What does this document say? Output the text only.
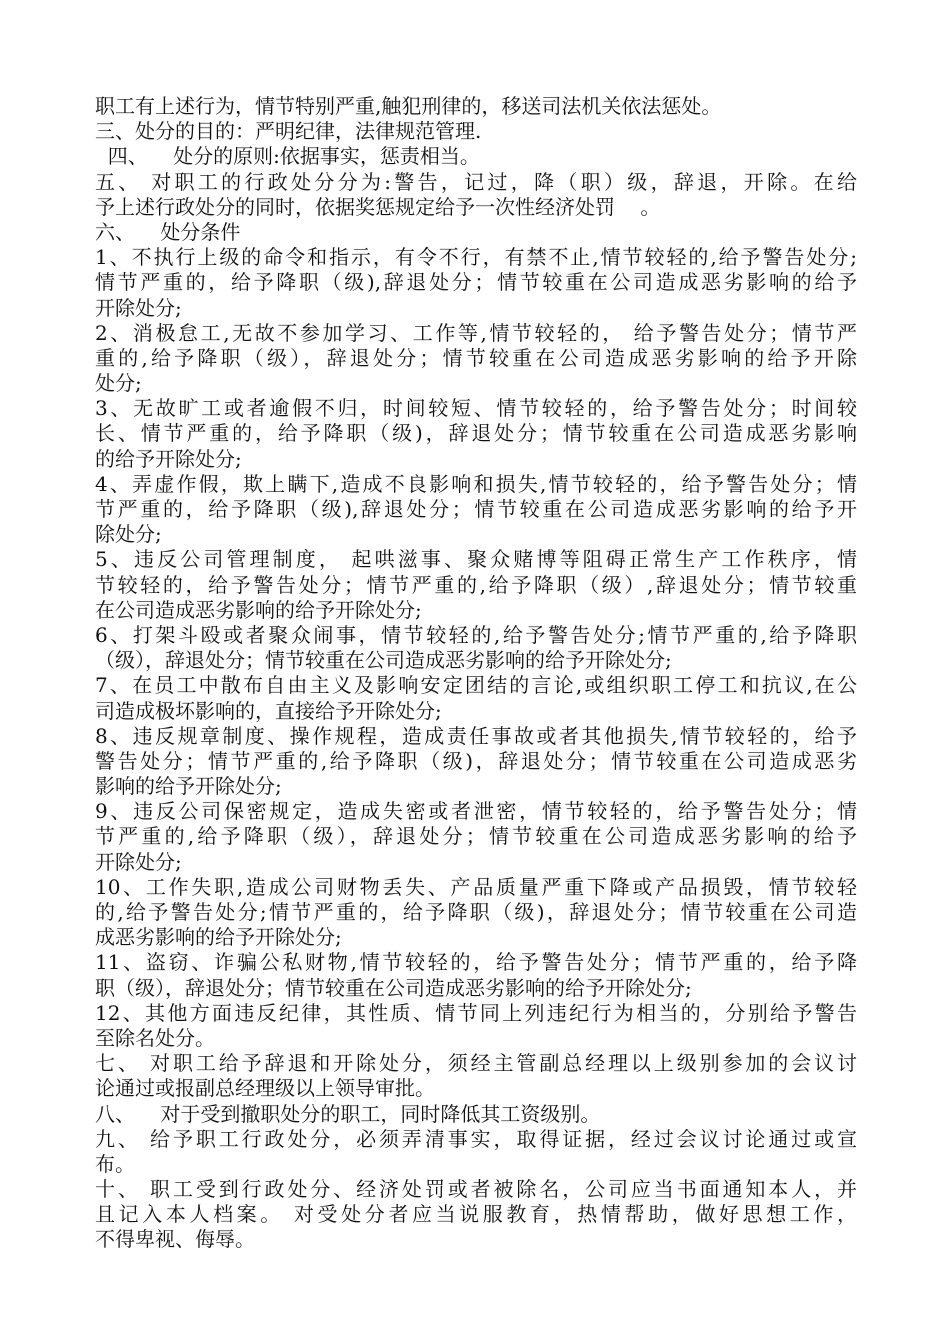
职工有上述行为，情节特别严重,触犯刑律的，移送司法机关依法惩处。
三、处分的目的：严明纪律，法律规范管理.
四、    处分的原则:依据事实，惩责相当。
五、 对职工的行政处分分为:警告，记过，降（职）级，辞退，开除。在给
予上述行政处分的同时，依据奖惩规定给予一次性经济处罚    。
六、    处分条件
1、不执行上级的命令和指示，有令不行，有禁不止,情节较轻的,给予警告处分;
情节严重的，给予降职（级),辞退处分；情节较重在公司造成恶劣影响的给予
开除处分;
2、消极怠工,无故不参加学习、工作等,情节较轻的， 给予警告处分；情节严
重的,给予降职（级），辞退处分；情节较重在公司造成恶劣影响的给予开除
处分;
3、无故旷工或者逾假不归，时间较短、情节较轻的，给予警告处分；时间较
长、情节严重的，给予降职（级)，辞退处分；情节较重在公司造成恶劣影响
的给予开除处分;
4、弄虚作假，欺上瞒下,造成不良影响和损失,情节较轻的，给予警告处分；情
节严重的，给予降职（级),辞退处分；情节较重在公司造成恶劣影响的给予开
除处分;
5、违反公司管理制度， 起哄滋事、聚众赌博等阻碍正常生产工作秩序，情
节较轻的，给予警告处分；情节严重的,给予降职（级）,辞退处分；情节较重
在公司造成恶劣影响的给予开除处分;
6、打架斗殴或者聚众闹事，情节较轻的,给予警告处分;情节严重的,给予降职
（级），辞退处分；情节较重在公司造成恶劣影响的给予开除处分;
7、在员工中散布自由主义及影响安定团结的言论,或组织职工停工和抗议,在公
司造成极坏影响的，直接给予开除处分;
8、违反规章制度、操作规程，造成责任事故或者其他损失,情节较轻的，给予
警告处分；情节严重的,给予降职（级)，辞退处分；情节较重在公司造成恶劣
影响的给予开除处分;
9、违反公司保密规定，造成失密或者泄密，情节较轻的，给予警告处分；情
节严重的,给予降职（级），辞退处分；情节较重在公司造成恶劣影响的给予
开除处分;
10、工作失职,造成公司财物丢失、产品质量严重下降或产品损毁，情节较轻
的,给予警告处分;情节严重的，给予降职（级)，辞退处分；情节较重在公司造
成恶劣影响的给予开除处分;
11、盗窃、诈骗公私财物,情节较轻的，给予警告处分；情节严重的，给予降
职（级），辞退处分；情节较重在公司造成恶劣影响的给予开除处分;
12、其他方面违反纪律，其性质、情节同上列违纪行为相当的，分别给予警告
至除名处分。
七、 对职工给予辞退和开除处分，须经主管副总经理以上级别参加的会议讨
论通过或报副总经理级以上领导审批。
八、    对于受到撤职处分的职工，同时降低其工资级别。
九、 给予职工行政处分，必须弄清事实，取得证据，经过会议讨论通过或宣
布。
十、 职工受到行政处分、经济处罚或者被除名，公司应当书面通知本人，并
且记入本人档案。 对受处分者应当说服教育，热情帮助，做好思想工作，
不得卑视、侮辱。
